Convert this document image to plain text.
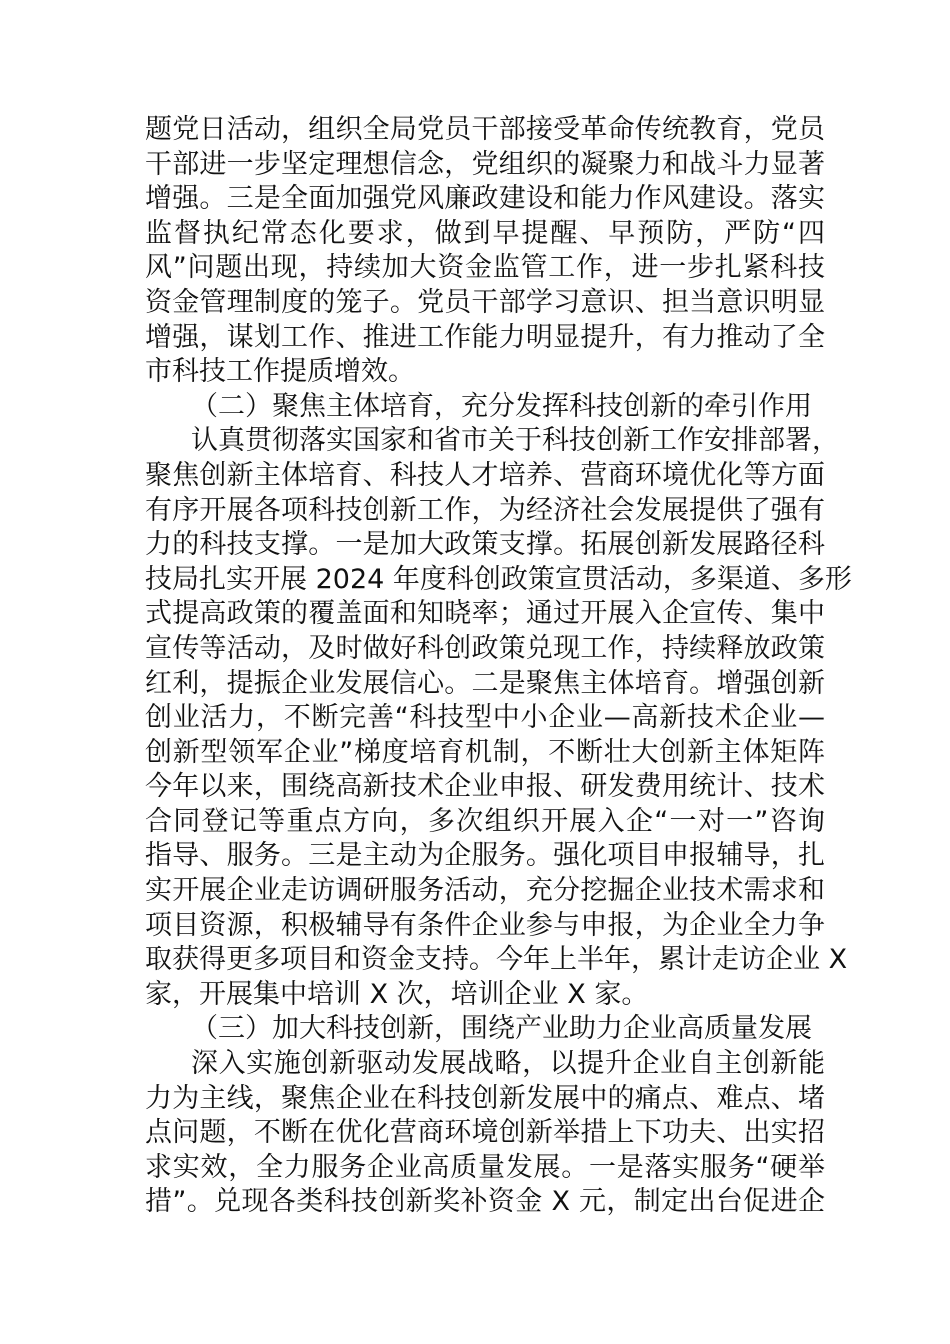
题党日活动，组织全局党员干部接受革命传统教育，党员
干部进一步坚定理想信念，党组织的凝聚力和战斗力显著
增强。三是全面加强党风廉政建设和能力作风建设。落实
监督执纪常态化要求，做到早提醒、早预防，严防“四
风”问题出现，持续加大资金监管工作，进一步扎紧科技
资金管理制度的笼子。党员干部学习意识、担当意识明显
增强，谋划工作、推进工作能力明显提升，有力推动了全
市科技工作提质增效。
（二）聚焦主体培育，充分发挥科技创新的牵引作用
认真贯彻落实国家和省市关于科技创新工作安排部署，
聚焦创新主体培育、科技人才培养、营商环境优化等方面
有序开展各项科技创新工作，为经济社会发展提供了强有
力的科技支撑。一是加大政策支撑。拓展创新发展路径科
技局扎实开展 2024 年度科创政策宣贯活动，多渠道、多形
式提高政策的覆盖面和知晓率；通过开展入企宣传、集中
宣传等活动，及时做好科创政策兑现工作，持续释放政策
红利，提振企业发展信心。二是聚焦主体培育。增强创新
创业活力，不断完善“科技型中小企业—高新技术企业—
创新型领军企业”梯度培育机制，不断壮大创新主体矩阵
今年以来，围绕高新技术企业申报、研发费用统计、技术
合同登记等重点方向，多次组织开展入企“一对一”咨询
指导、服务。三是主动为企服务。强化项目申报辅导，扎
实开展企业走访调研服务活动，充分挖掘企业技术需求和
项目资源，积极辅导有条件企业参与申报，为企业全力争
取获得更多项目和资金支持。今年上半年，累计走访企业 X
家，开展集中培训 X 次，培训企业 X 家。
（三）加大科技创新，围绕产业助力企业高质量发展
深入实施创新驱动发展战略，以提升企业自主创新能
力为主线，聚焦企业在科技创新发展中的痛点、难点、堵
点问题，不断在优化营商环境创新举措上下功夫、出实招
求实效，全力服务企业高质量发展。一是落实服务“硬举
措”。兑现各类科技创新奖补资金 X 元，制定出台促进企
